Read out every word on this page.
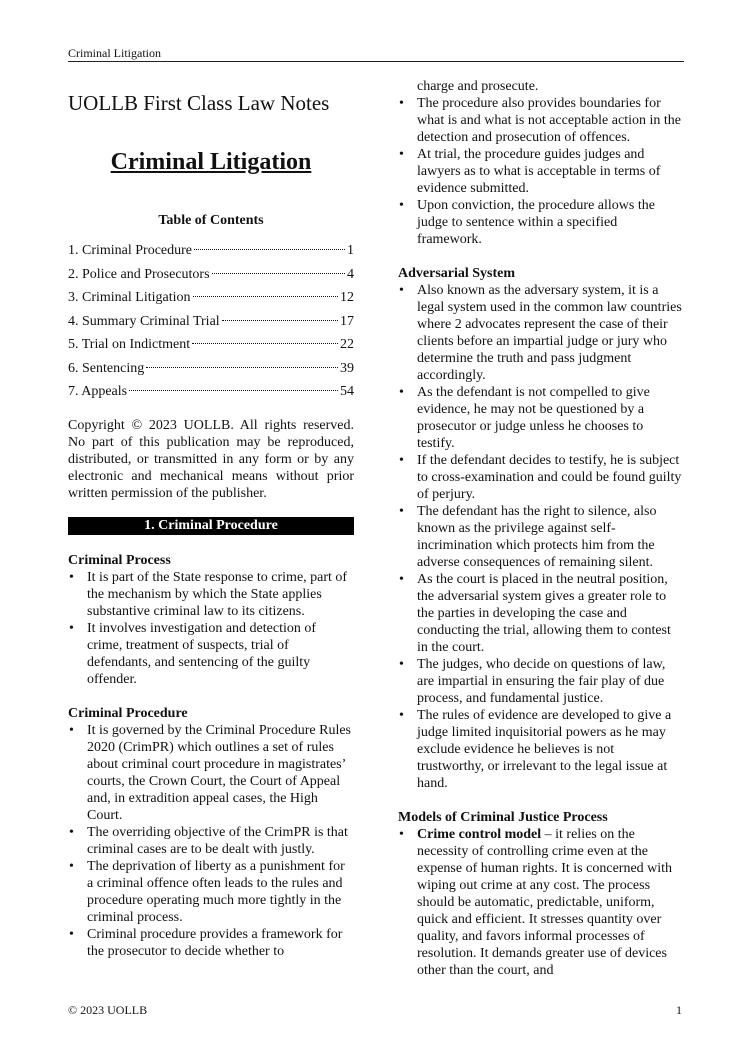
Criminal Litigation
UOLLB First Class Law Notes
Criminal Litigation
Table of Contents
1. Criminal Procedure	1
2. Police and Prosecutors	4
3. Criminal Litigation	12
4. Summary Criminal Trial	17
5. Trial on Indictment	22
6. Sentencing	39
7. Appeals	54
Copyright © 2023 UOLLB. All rights reserved. No part of this publication may be reproduced, distributed, or transmitted in any form or by any electronic and mechanical means without prior written permission of the publisher.
1. Criminal Procedure
Criminal Process
• It is part of the State response to crime, part of the mechanism by which the State applies substantive criminal law to its citizens.
• It involves investigation and detection of crime, treatment of suspects, trial of defendants, and sentencing of the guilty offender.
Criminal Procedure
• It is governed by the Criminal Procedure Rules 2020 (CrimPR) which outlines a set of rules about criminal court procedure in magistrates’ courts, the Crown Court, the Court of Appeal and, in extradition appeal cases, the High Court.
• The overriding objective of the CrimPR is that criminal cases are to be dealt with justly.
• The deprivation of liberty as a punishment for a criminal offence often leads to the rules and procedure operating much more tightly in the criminal process.
• Criminal procedure provides a framework for the prosecutor to decide whether to
charge and prosecute.
• The procedure also provides boundaries for what is and what is not acceptable action in the detection and prosecution of offences.
• At trial, the procedure guides judges and lawyers as to what is acceptable in terms of evidence submitted.
• Upon conviction, the procedure allows the judge to sentence within a specified framework.
Adversarial System
• Also known as the adversary system, it is a legal system used in the common law countries where 2 advocates represent the case of their clients before an impartial judge or jury who determine the truth and pass judgment accordingly.
• As the defendant is not compelled to give evidence, he may not be questioned by a prosecutor or judge unless he chooses to testify.
• If the defendant decides to testify, he is subject to cross-examination and could be found guilty of perjury.
• The defendant has the right to silence, also known as the privilege against self-incrimination which protects him from the adverse consequences of remaining silent.
• As the court is placed in the neutral position, the adversarial system gives a greater role to the parties in developing the case and conducting the trial, allowing them to contest in the court.
• The judges, who decide on questions of law, are impartial in ensuring the fair play of due process, and fundamental justice.
• The rules of evidence are developed to give a judge limited inquisitorial powers as he may exclude evidence he believes is not trustworthy, or irrelevant to the legal issue at hand.
Models of Criminal Justice Process
• Crime control model – it relies on the necessity of controlling crime even at the expense of human rights. It is concerned with wiping out crime at any cost. The process should be automatic, predictable, uniform, quick and efficient. It stresses quantity over quality, and favors informal processes of resolution. It demands greater use of devices other than the court, and
© 2023 UOLLB	1
